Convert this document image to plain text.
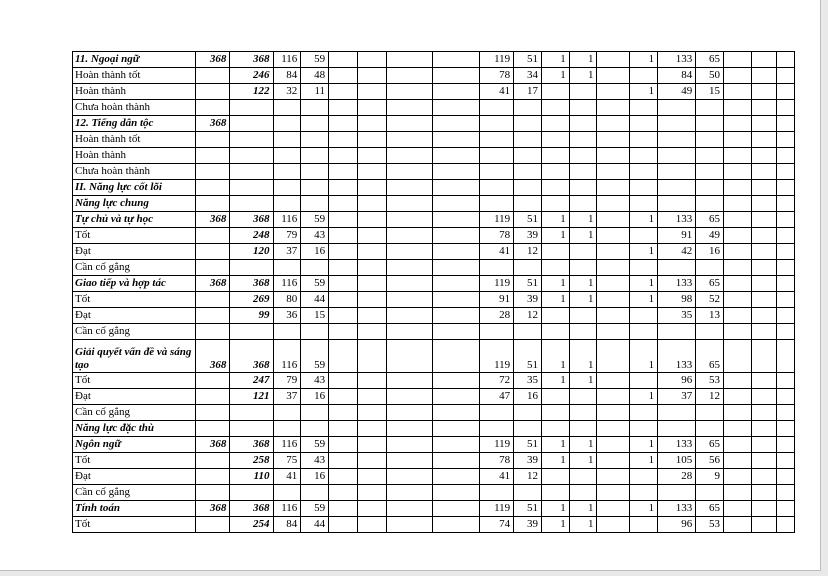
11. Ngoại ngữ	368	368	116	59					119	51	1	1		1	133	65			
Hoàn thành tốt		246	84	48					78	34	1	1			84	50			
Hoàn thành		122	32	11					41	17				1	49	15			
Chưa hoàn thành																			
12. Tiếng dân tộc	368																		
Hoàn thành tốt																			
Hoàn thành																			
Chưa hoàn thành																			
II. Năng lực cốt lõi																			
Năng lực chung																			
Tự chủ và tự học	368	368	116	59					119	51	1	1		1	133	65			
Tốt		248	79	43					78	39	1	1			91	49			
Đạt		120	37	16					41	12				1	42	16			
Cần cố gắng																			
Giao tiếp và hợp tác	368	368	116	59					119	51	1	1		1	133	65			
Tốt		269	80	44					91	39	1	1		1	98	52			
Đạt		99	36	15					28	12					35	13			
Cần cố gắng																			
Giải quyết vấn đề và sáng tạo	368	368	116	59					119	51	1	1		1	133	65			
Tốt		247	79	43					72	35	1	1			96	53			
Đạt		121	37	16					47	16				1	37	12			
Cần cố gắng																			
Năng lực đặc thù																			
Ngôn ngữ	368	368	116	59					119	51	1	1		1	133	65			
Tốt		258	75	43					78	39	1	1		1	105	56			
Đạt		110	41	16					41	12					28	9			
Cần cố gắng																			
Tính toán	368	368	116	59					119	51	1	1		1	133	65			
Tốt		254	84	44					74	39	1	1			96	53			
